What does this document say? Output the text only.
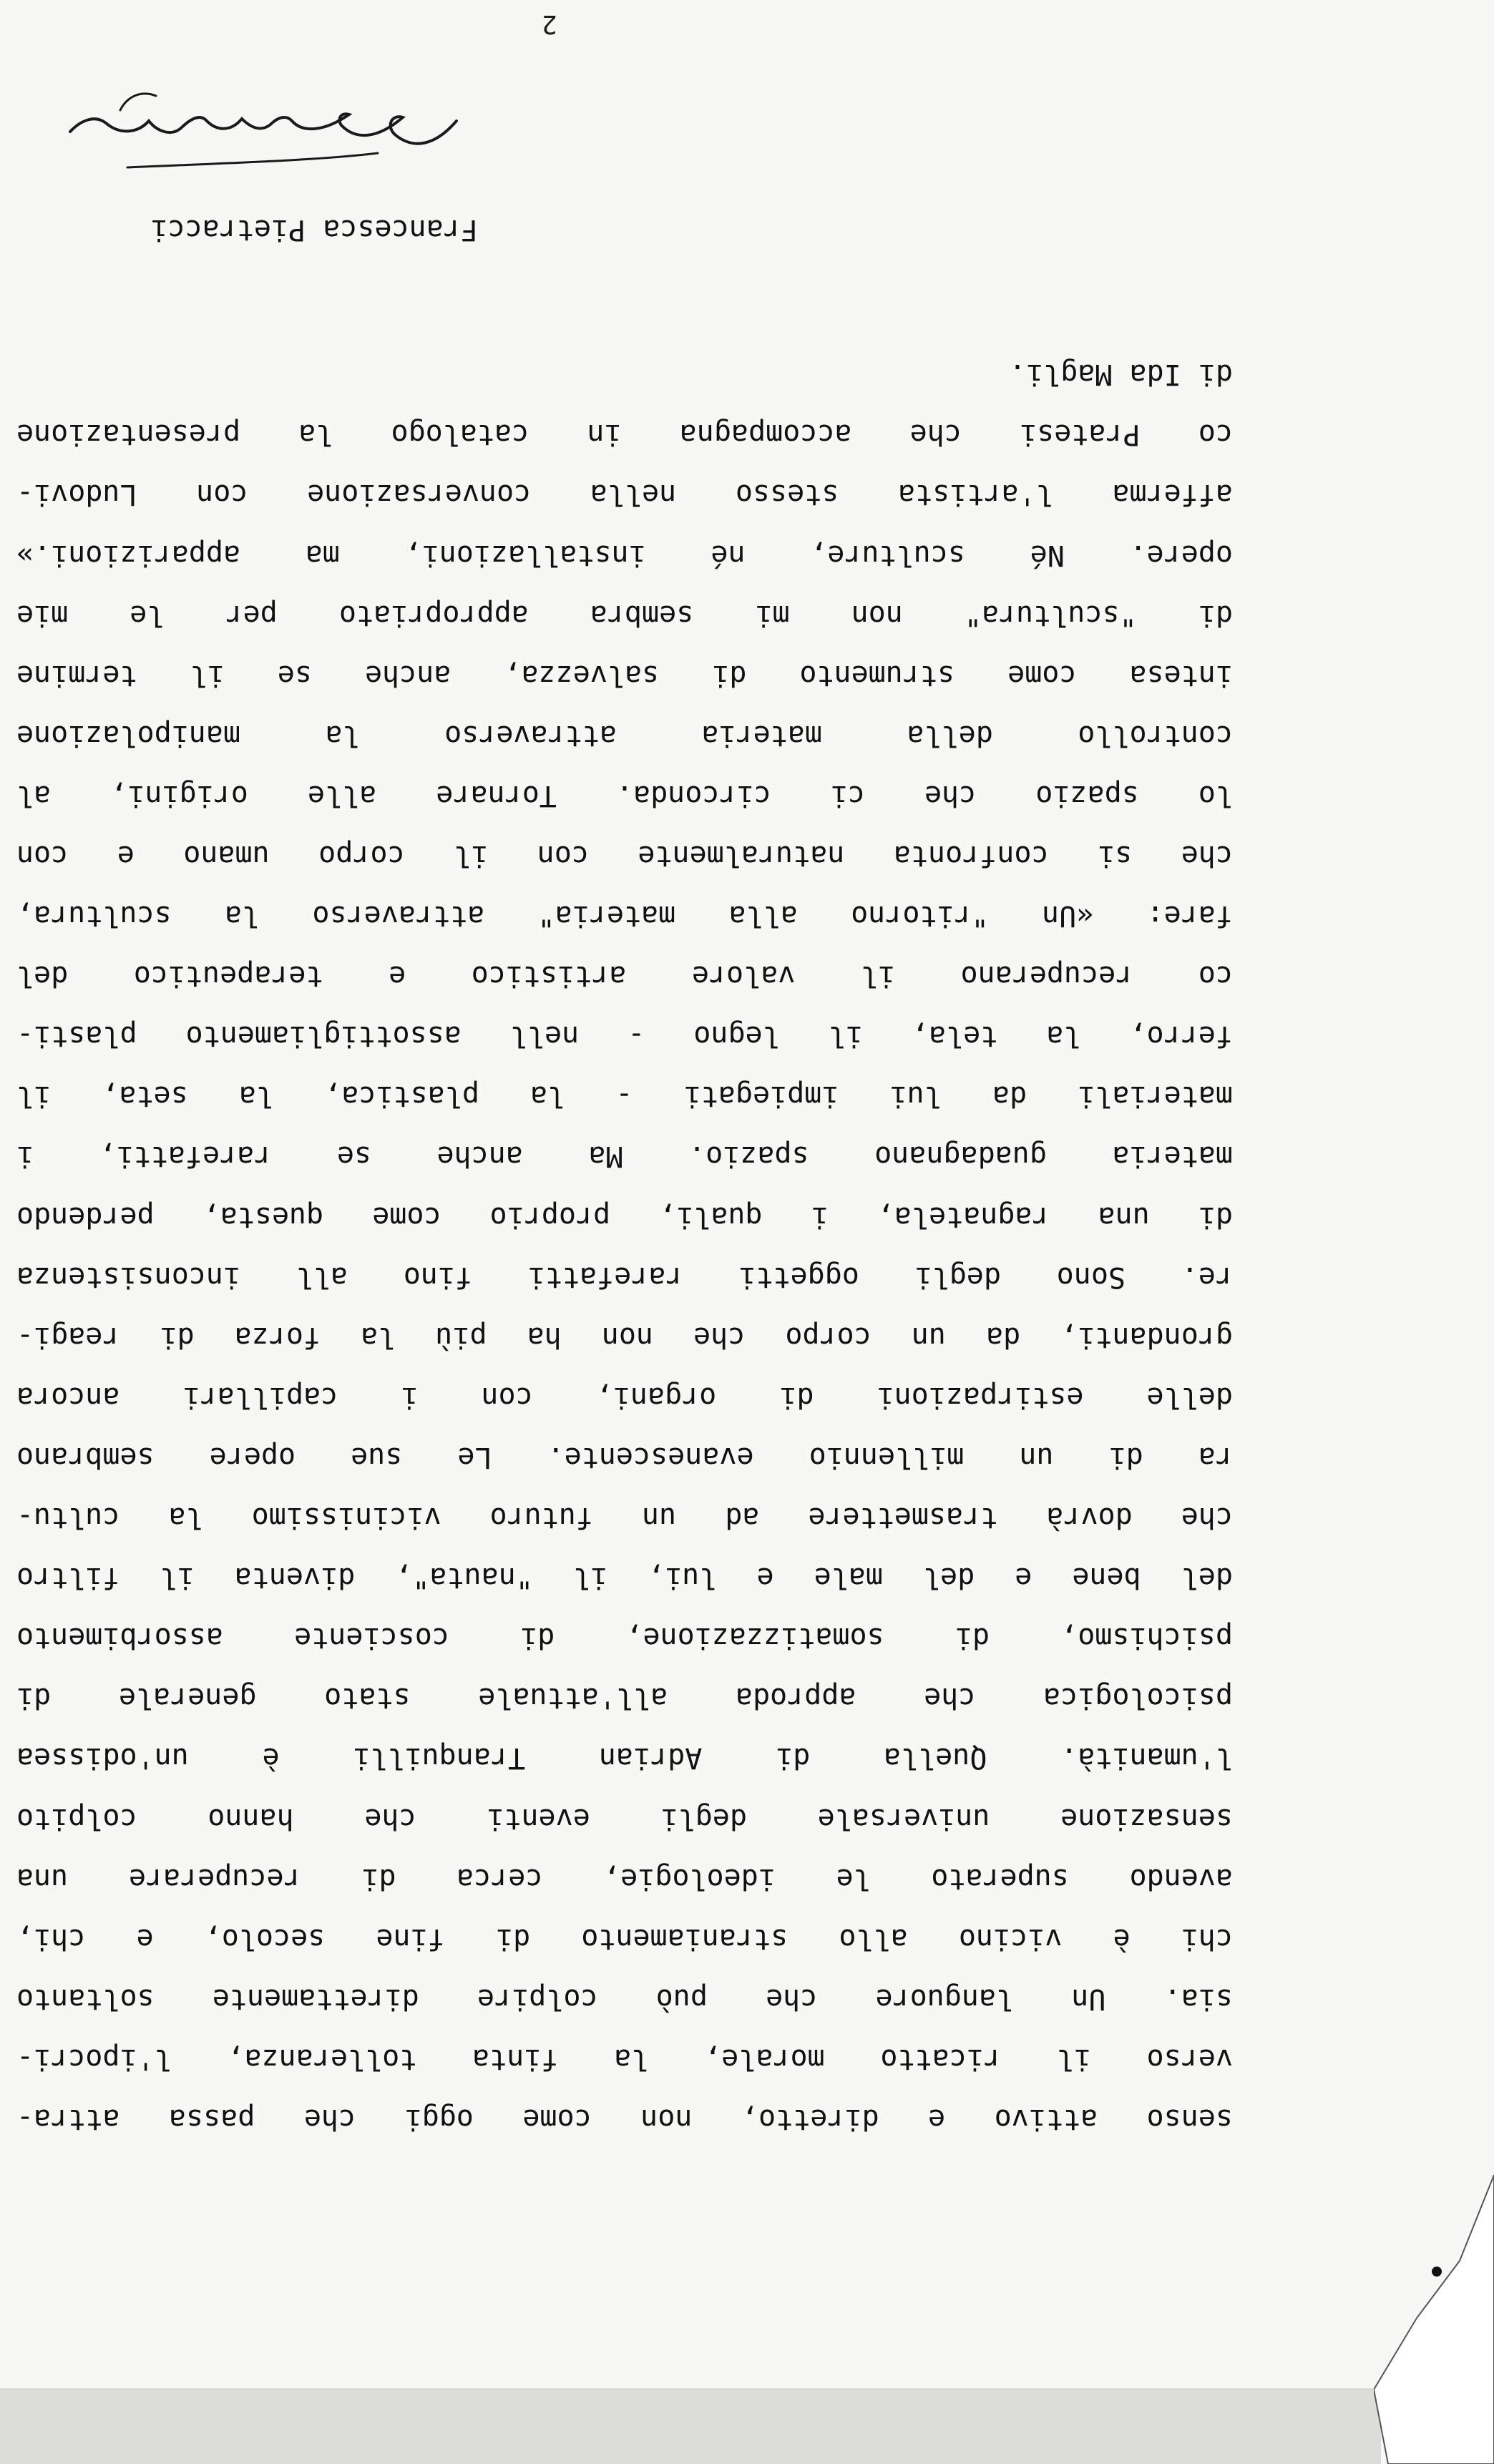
2

senso attivo e diretto, non come oggi che passa attra-
verso il ricatto morale, la finta tolleranza, l'ipocri-
sia. Un languore che può colpire direttamente soltanto
chi è vicino allo straniamento di fine secolo, e chi,
avendo superato le ideologie, cerca di recuperare una
sensazione universale degli eventi che hanno colpito
l'umanità. Quella di Adrian Tranquilli è un'odissea
psicologica che approda all'attuale stato generale di
psichismo, di somatizzazione, di cosciente assorbimento
del bene e del male e lui, il "nauta", diventa il filtro
che dovrà trasmettere ad un futuro vicinissimo la cultu-
ra di un millennio evanescente. Le sue opere sembrano
delle estirpazioni di organi, con i capillari ancora
grondanti, da un corpo che non ha più la forza di reagi-
re. Sono degli oggetti rarefatti fino all inconsistenza
di una ragnatela, i quali, proprio come questa, perdendo
materia guadagnano spazio. Ma anche se rarefatti, i
materiali da lui impiegati - la plastica, la seta, il
ferro, la tela, il legno - nell assottigliamento plasti-
co recuperano il valore artistico e terapeutico del
fare: «Un "ritorno alla materia" attraverso la scultura,
che si confronta naturalmente con il corpo umano e con
lo spazio che ci circonda. Tornare alle origini, al
controllo della materia attraverso la manipolazione
intesa come strumento di salvezza, anche se il termine
di "scultura" non mi sembra appropriato per le mie
opere. Né sculture, né installazioni, ma apparizioni.»
afferma l'artista stesso nella conversazione con Ludovi-
co Pratesi che accompagna in catalogo la presentazione
di Ida Magli.

Francesca Pietracci
